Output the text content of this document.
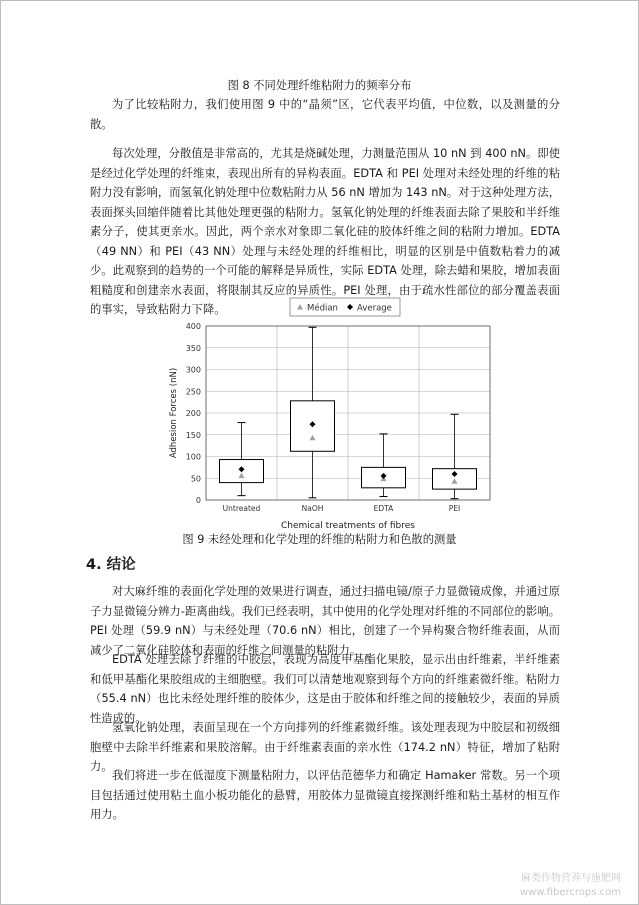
图 8 不同处理纤维粘附力的频率分布

为了比较粘附力，我们使用图 9 中的“晶须”区，它代表平均值，中位数，以及测量的分散。

每次处理，分散值是非常高的，尤其是烧碱处理，力测量范围从 10 nN 到 400 nN。即使是经过化学处理的纤维束，表现出所有的异构表面。EDTA 和 PEI 处理对未经处理的纤维的粘附力没有影响，而氢氧化钠处理中位数粘附力从 56 nN 增加为 143 nN。对于这种处理方法，表面探头回缩伴随着比其他处理更强的粘附力。氢氧化钠处理的纤维表面去除了果胶和半纤维素分子，使其更亲水。因此，两个亲水对象即二氧化硅的胶体纤维之间的粘附力增加。EDTA（49 NN）和 PEI（43 NN）处理与未经处理的纤维相比，明显的区别是中值数粘着力的减少。此观察到的趋势的一个可能的解释是异质性，实际 EDTA 处理，除去蜡和果胶，增加表面粗糙度和创建亲水表面，将限制其反应的异质性。PEI 处理，由于疏水性部位的部分覆盖表面的事实，导致粘附力下降。	Médian Average
0
50
100
150
200
250
300
350
400
Untreated	NaOH	EDTA	PEI
Chemical treatments of fibres
Adhesion Forces (nN)
图 9 未经处理和化学处理的纤维的粘附力和色散的测量
4. 结论

对大麻纤维的表面化学处理的效果进行调查，通过扫描电镜/原子力显微镜成像，并通过原子力显微镜分辨力-距离曲线。我们已经表明，其中使用的化学处理对纤维的不同部位的影响。PEI 处理（59.9 nN）与未经处理（70.6 nN）相比，创建了一个异构聚合物纤维表面，从而减少了二氧化硅胶体和表面的纤维之间测量的粘附力。

EDTA 处理去除了纤维的中胶层，表现为高度甲基酯化果胶，显示出由纤维素，半纤维素和低甲基酯化果胶组成的主细胞壁。我们可以清楚地观察到每个方向的纤维素微纤维。粘附力（55.4 nN）也比未经处理纤维的胶体少，这是由于胶体和纤维之间的接触较少，表面的异质性造成的。

氢氧化钠处理，表面呈现在一个方向排列的纤维素微纤维。该处理表现为中胶层和初级细胞壁中去除半纤维素和果胶溶解。由于纤维素表面的亲水性（174.2 nN）特征，增加了粘附力。

我们将进一步在低湿度下测量粘附力，以评估范德华力和确定 Hamaker 常数。另一个项目包括通过使用粘土血小板功能化的悬臂，用胶体力显微镜直接探测纤维和粘土基材的相互作用力。

麻类作物营养与施肥网
www.fibercrops.com
